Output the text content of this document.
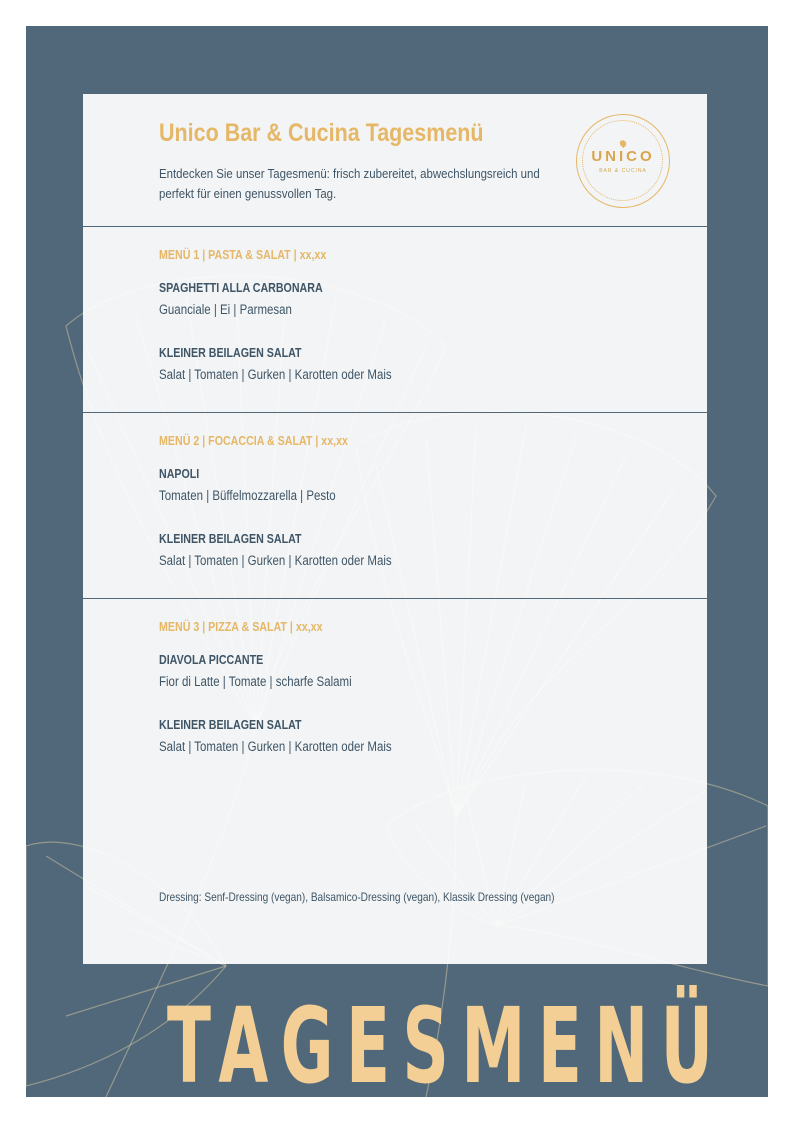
Unico Bar & Cucina Tagesmenü

Entdecken Sie unser Tagesmenü: frisch zubereitet, abwechslungsreich und perfekt für einen genussvollen Tag.

UNICO
BAR & CUCINA
MENÜ 1 | PASTA & SALAT | xx,xx
SPAGHETTI ALLA CARBONARA

Guanciale | Ei | Parmesan

KLEINER BEILAGEN SALAT

Salat | Tomaten | Gurken | Karotten oder Mais

MENÜ 2 | FOCACCIA & SALAT | xx,xx
NAPOLI

Tomaten | Büffelmozzarella | Pesto

KLEINER BEILAGEN SALAT

Salat | Tomaten | Gurken | Karotten oder Mais

MENÜ 3 | PIZZA & SALAT | xx,xx
DIAVOLA PICCANTE

Fior di Latte | Tomate | scharfe Salami

KLEINER BEILAGEN SALAT

Salat | Tomaten | Gurken | Karotten oder Mais

Dressing: Senf-Dressing (vegan), Balsamico-Dressing (vegan), Klassik Dressing (vegan)

TAGESMENÜ
